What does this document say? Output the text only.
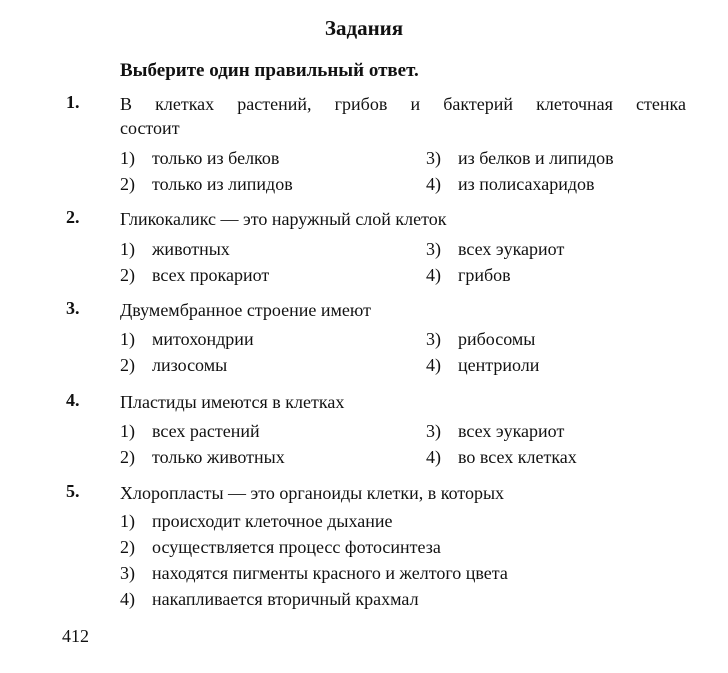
Задания
Выберите один правильный ответ.
1. В клетках растений, грибов и бактерий клеточная стенка
состоит
1) только из белков
2) только из липидов
3) из белков и липидов
4) из полисахаридов
2. Гликокаликс — это наружный слой клеток
1) животных
2) всех прокариот
3) всех эукариот
4) грибов
3. Двумембранное строение имеют
1) митохондрии
2) лизосомы
3) рибосомы
4) центриоли
4. Пластиды имеются в клетках
1) всех растений
2) только животных
3) всех эукариот
4) во всех клетках
5. Хлоропласты — это органоиды клетки, в которых
1) происходит клеточное дыхание
2) осуществляется процесс фотосинтеза
3) находятся пигменты красного и желтого цвета
4) накапливается вторичный крахмал
412
